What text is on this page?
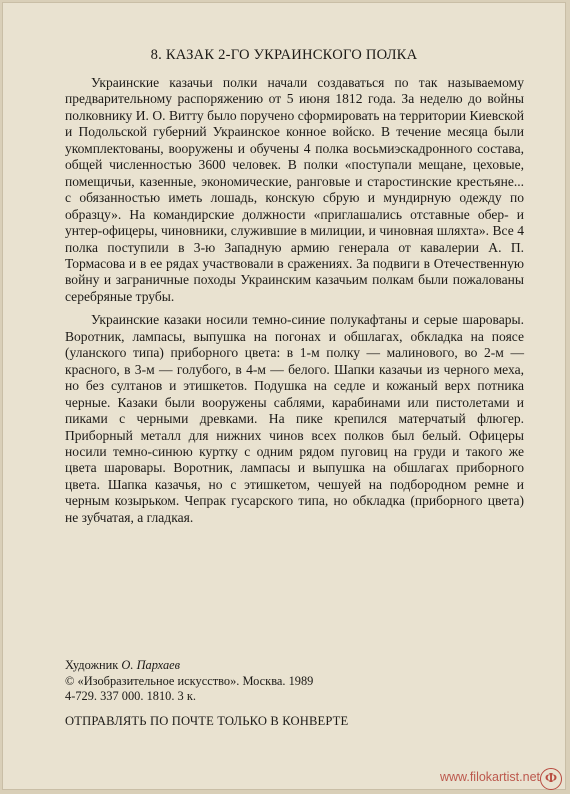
8. КАЗАК 2-ГО УКРАИНСКОГО ПОЛКА

Украинские казачьи полки начали создаваться по так называемому предварительному распоряжению от 5 июня 1812 года. За неделю до войны полковнику И. О. Витту было поручено сформировать на территории Киевской и Подольской губерний Украинское конное войско. В течение месяца были укомплектованы, вооружены и обучены 4 полка восьмиэскадронного состава, общей численностью 3600 человек. В полки «поступали мещане, цеховые, помещичьи, казенные, экономические, ранговые и старостинские крестьяне... с обязанностью иметь лошадь, конскую сбрую и мундирную одежду по образцу». На командирские должности «приглашались отставные обер- и унтер-офицеры, чиновники, служившие в милиции, и чиновная шляхта». Все 4 полка поступили в 3-ю Западную армию генерала от кавалерии А. П. Тормасова и в ее рядах участвовали в сражениях. За подвиги в Отечественную войну и заграничные походы Украинским казачьим полкам были пожалованы серебряные трубы.

Украинские казаки носили темно-синие полукафтаны и серые шаровары. Воротник, лампасы, выпушка на погонах и обшлагах, обкладка на поясе (уланского типа) приборного цвета: в 1-м полку — малинового, во 2-м — красного, в 3-м — голубого, в 4-м — белого. Шапки казачьи из черного меха, но без султанов и этишкетов. Подушка на седле и кожаный верх потника черные. Казаки были вооружены саблями, карабинами или пистолетами и пиками с черными древками. На пике крепился матерчатый флюгер. Приборный металл для нижних чинов всех полков был белый. Офицеры носили темно-синюю куртку с одним рядом пуговиц на груди и такого же цвета шаровары. Воротник, лампасы и выпушка на обшлагах приборного цвета. Шапка казачья, но с этишкетом, чешуей на подбородном ремне и черным козырьком. Чепрак гусарского типа, но обкладка (приборного цвета) не зубчатая, а гладкая.

Художник О. Пархаев
© «Изобразительное искусство». Москва. 1989
4-729. 337 000. 1810. 3 к.
ОТПРАВЛЯТЬ ПО ПОЧТЕ ТОЛЬКО В КОНВЕРТЕ
www.filokartist.net Ф
